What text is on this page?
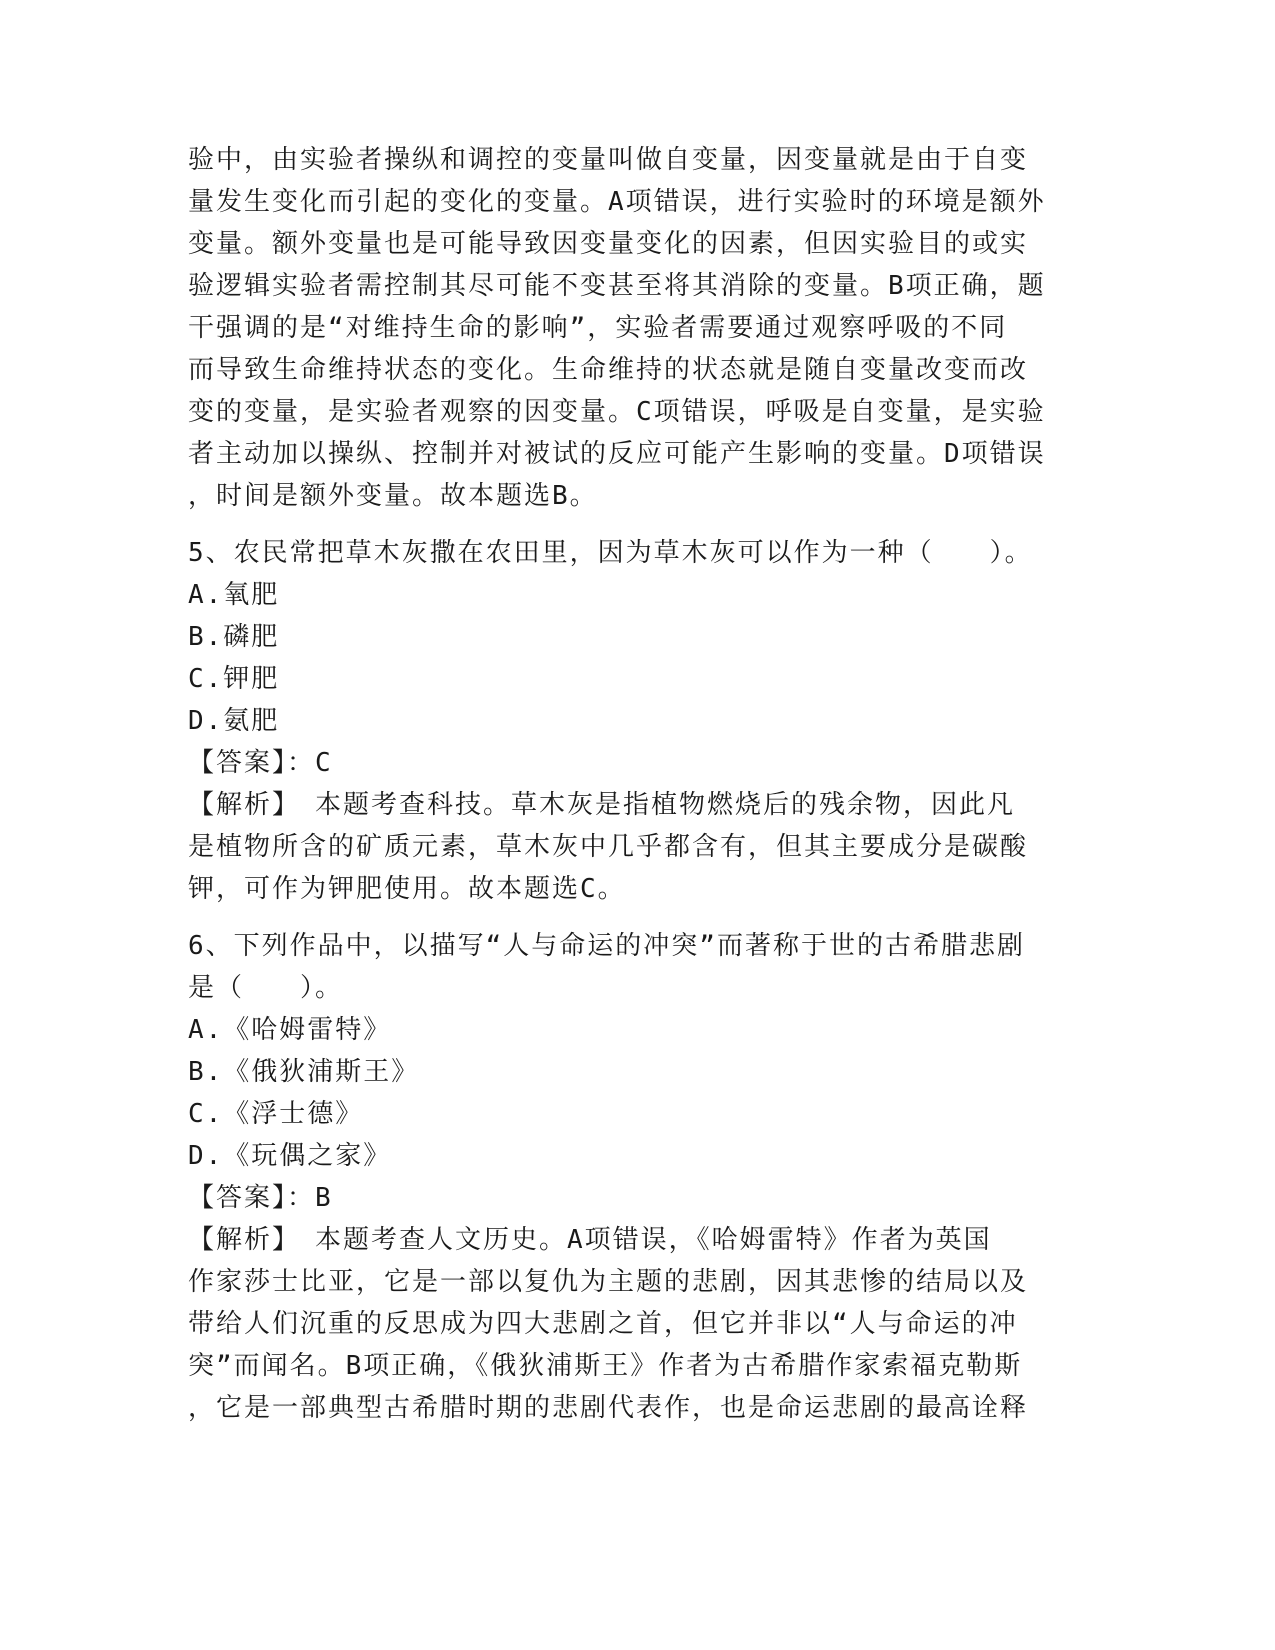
验中，由实验者操纵和调控的变量叫做自变量，因变量就是由于自变
量发生变化而引起的变化的变量。A项错误，进行实验时的环境是额外
变量。额外变量也是可能导致因变量变化的因素，但因实验目的或实
验逻辑实验者需控制其尽可能不变甚至将其消除的变量。B项正确，题
干强调的是“对维持生命的影响”，实验者需要通过观察呼吸的不同
而导致生命维持状态的变化。生命维持的状态就是随自变量改变而改
变的变量，是实验者观察的因变量。C项错误，呼吸是自变量，是实验
者主动加以操纵、控制并对被试的反应可能产生影响的变量。D项错误
，时间是额外变量。故本题选B。
5、农民常把草木灰撒在农田里，因为草木灰可以作为一种（　　）。
A.氧肥
B.磷肥
C.钾肥
D.氨肥
【答案】：C
【解析】　本题考查科技。草木灰是指植物燃烧后的残余物，因此凡
是植物所含的矿质元素，草木灰中几乎都含有，但其主要成分是碳酸
钾，可作为钾肥使用。故本题选C。
6、下列作品中，以描写“人与命运的冲突”而著称于世的古希腊悲剧
是（　　）。
A.《哈姆雷特》
B.《俄狄浦斯王》
C.《浮士德》
D.《玩偶之家》
【答案】：B
【解析】　本题考查人文历史。A项错误，《哈姆雷特》作者为英国
作家莎士比亚，它是一部以复仇为主题的悲剧，因其悲惨的结局以及
带给人们沉重的反思成为四大悲剧之首，但它并非以“人与命运的冲
突”而闻名。B项正确，《俄狄浦斯王》作者为古希腊作家索福克勒斯
，它是一部典型古希腊时期的悲剧代表作，也是命运悲剧的最高诠释
